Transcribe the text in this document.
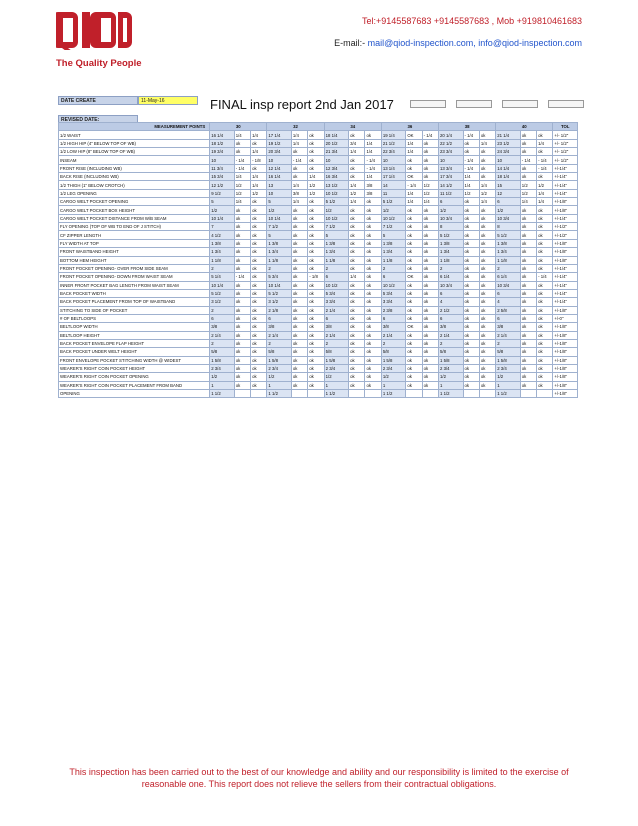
The Quality People
Tel:+9145587683 +9145587683 , Mob +919810461683
E-mail:- mail@qiod-inspection.com, info@qiod-inspection.com
DATE CREATE	11-May-16
REVISED DATE:
FINAL insp report 2nd Jan 2017
MEASUREMENT POINTS	30			32			34			36			38			40			TOL
1/2 WAIST	16 1/4	1/4	1/4	17 1/4	1/4	ok	18 1/4	ok	ok	19 1/4	OK	- 1/4	20 1/4	- 1/4	ok	21 1/4	ok	ok	+/- 1/2"
1/2 HIGH HIP (4" BELOW TOP OF WB)	18 1/2	ok	ok	19 1/2	1/4	ok	20 1/2	3/4	1/4	21 1/2	1/4	ok	22 1/2	ok	1/4	23 1/2	ok	1/4	+/- 1/2"
1/2 LOW HIP (8" BELOW TOP OF WB)	19 3/4	ok	1/4	20 3/4	ok	ok	21 3/4	1/4	1/4	22 3/4	1/4	ok	23 3/4	ok	ok	24 3/4	ok	ok	+/- 1/2"
INSEAM	10	- 1/4	- 1/8	10	- 1/4	ok	10	ok	- 1/4	10	ok	ok	10	- 1/4	ok	10	- 1/4	- 1/4	+/- 1/2"
FRONT RISE (INCLUDING WB)	11 3/4	- 1/4	ok	12 1/4	ok	ok	12 3/4	ok	- 1/4	13 1/4	ok	ok	13 3/4	- 1/4	ok	14 1/4	ok	- 1/4	+/-1/4"
BACK RISE (INCLUDING WB)	15 3/4	1/4	1/4	16 1/4	ok	1/4	16 3/4	ok	1/4	17 1/4	OK	ok	17 3/4	1/4	ok	18 1/4	ok	ok	+/-1/4"
1/2 THIGH (1" BELOW CROTCH)	12 1/2	1/2	1/4	13	1/4	1/2	13 1/2	1/4	3/8	14	- 1/4	1/2	14 1/2	1/4	1/4	15	1/2	1/2	+/-1/4"
1/2 LEG OPENING	9 1/2	1/2	1/2	10	3/8	1/2	10 1/2	1/2	3/8	11	1/4	1/2	11 1/2	1/2	1/2	12	1/2	1/4	+/-1/4"
CARGO WELT POCKET OPENING	5	1/4	ok	5	1/4	ok	5 1/2	1/4	ok	5 1/2	1/4	1/4	6	ok	1/4	6	1/4	1/4	+/-1/8"
CARGO WELT POCKET BOX HEIGHT	1/2	ok	ok	1/2	ok	ok	1/2	ok	ok	1/2	ok	ok	1/2	ok	ok	1/2	ok	ok	+/-1/8"
CARGO WELT POCKET DISTANCE FROM W/B SEAM	10 1/4	ok	ok	10 1/4	ok	ok	10 1/2	ok	ok	10 1/2	ok	ok	10 3/4	ok	ok	10 3/4	ok	ok	+/-1/4"
FLY OPENING (TOP OF WB TO END OF J STITCH)	7	ok	ok	7 1/2	ok	ok	7 1/2	ok	ok	7 1/2	ok	ok	8	ok	ok	8	ok	ok	+/-1/2"
CF ZIPPER LENGTH	4 1/2	ok	ok	5	ok	ok	5	ok	ok	5	ok	ok	5 1/2	ok	ok	5 1/2	ok	ok	+/-1/2"
FLY WIDTH AT TOP	1 3/8	ok	ok	1 3/8	ok	ok	1 3/8	ok	ok	1 3/8	ok	ok	1 3/8	ok	ok	1 3/8	ok	ok	+/-1/8"
FRONT WAISTBAND HEIGHT	1 3/4	ok	ok	1 3/4	ok	ok	1 3/4	ok	ok	1 3/4	ok	ok	1 3/4	ok	ok	1 3/4	ok	ok	+/-1/8"
BOTTOM HEM HEIGHT	1 1/8	ok	ok	1 1/8	ok	ok	1 1/8	ok	ok	1 1/8	ok	ok	1 1/8	ok	ok	1 1/8	ok	ok	+/-1/8"
FRONT POCKET OPENING- OVER FROM SIDE SEAM	2	ok	ok	2	ok	ok	2	ok	ok	2	ok	ok	2	ok	ok	2	ok	ok	+/-1/4"
FRONT POCKET OPENING- DOWN FROM WAIST SEAM	5 1/4	- 1/4	ok	5 3/4	ok	- 1/8	6	1/4	ok	6	OK	ok	6 1/4	ok	ok	6 1/4	ok	- 1/4	+/-1/4"
INNER FRONT POCKET BAG LENGTH FROM WAIST SEAM	10 1/4	ok	ok	10 1/4	ok	ok	10 1/2	ok	ok	10 1/2	ok	ok	10 3/4	ok	ok	10 3/4	ok	ok	+/-1/4"
BACK POCKET WIDTH	5 1/2	ok	ok	5 1/2	ok	ok	5 3/4	ok	ok	5 3/4	ok	ok	6	ok	ok	6	ok	ok	+/-1/4"
BACK POCKET PLACEMENT FROM TOP OF WAISTBAND	3 1/2	ok	ok	3 1/2	ok	ok	3 3/4	ok	ok	3 3/4	ok	ok	4	ok	ok	4	ok	ok	+/-1/4"
STITCHING TO SIDE OF POCKET	2	ok	ok	2 1/8	ok	ok	2 1/4	ok	ok	2 3/8	ok	ok	2 1/2	ok	ok	2 5/8	ok	ok	+/-1/8"
# OF BELTLOOPS	6	ok	ok	6	ok	ok	6	ok	ok	6	ok	ok	6	ok	ok	6	ok	ok	+/-0"
BELTLOOP WIDTH	3/8	ok	ok	3/8	ok	ok	3/8	ok	ok	3/8	OK	ok	3/8	ok	ok	3/8	ok	ok	+/-1/8"
BELTLOOP HEIGHT	2 1/4	ok	ok	2 1/4	ok	ok	2 1/4	ok	ok	2 1/4	ok	ok	2 1/4	ok	ok	2 1/4	ok	ok	+/-1/8"
BACK POCKET ENVELOPE FLAP HEIGHT	2	ok	ok	2	ok	ok	2	ok	ok	2	ok	ok	2	ok	ok	2	ok	ok	+/-1/8"
BACK POCKET UNDER WELT HEIGHT	5/8	ok	ok	5/8	ok	ok	5/8	ok	ok	5/8	ok	ok	5/8	ok	ok	5/8	ok	ok	+/-1/8"
FRONT ENVELOPE POCKET STITCHING WIDTH @ WIDEST	1 5/8	ok	ok	1 5/8	ok	ok	1 5/8	ok	ok	1 5/8	ok	ok	1 5/8	ok	ok	1 5/8	ok	ok	+/-1/8"
WEARER'S RIGHT COIN POCKET HEIGHT	2 3/4	ok	ok	2 3/4	ok	ok	2 3/4	ok	ok	2 3/4	ok	ok	2 3/4	ok	ok	2 3/4	ok	ok	+/-1/8"
WEARER'S RIGHT COIN POCKET OPENING	1/2	ok	ok	1/2	ok	ok	1/2	ok	ok	1/2	ok	ok	1/2	ok	ok	1/2	ok	ok	+/-1/8"
WEARER'S RIGHT COIN POCKET PLACEMENT FROM BAND	1	ok	ok	1	ok	ok	1	ok	ok	1	ok	ok	1	ok	ok	1	ok	ok	+/-1/8"
OPENING	1 1/2			1 1/2			1 1/2			1 1/2			1 1/2			1 1/2			+/-1/8"
This inspection has been carried out to the best of our knowledge and ability and our responsibility is limited to the exercise of
reasonable one. This report does not relieve the sellers from their contractual obligations.
